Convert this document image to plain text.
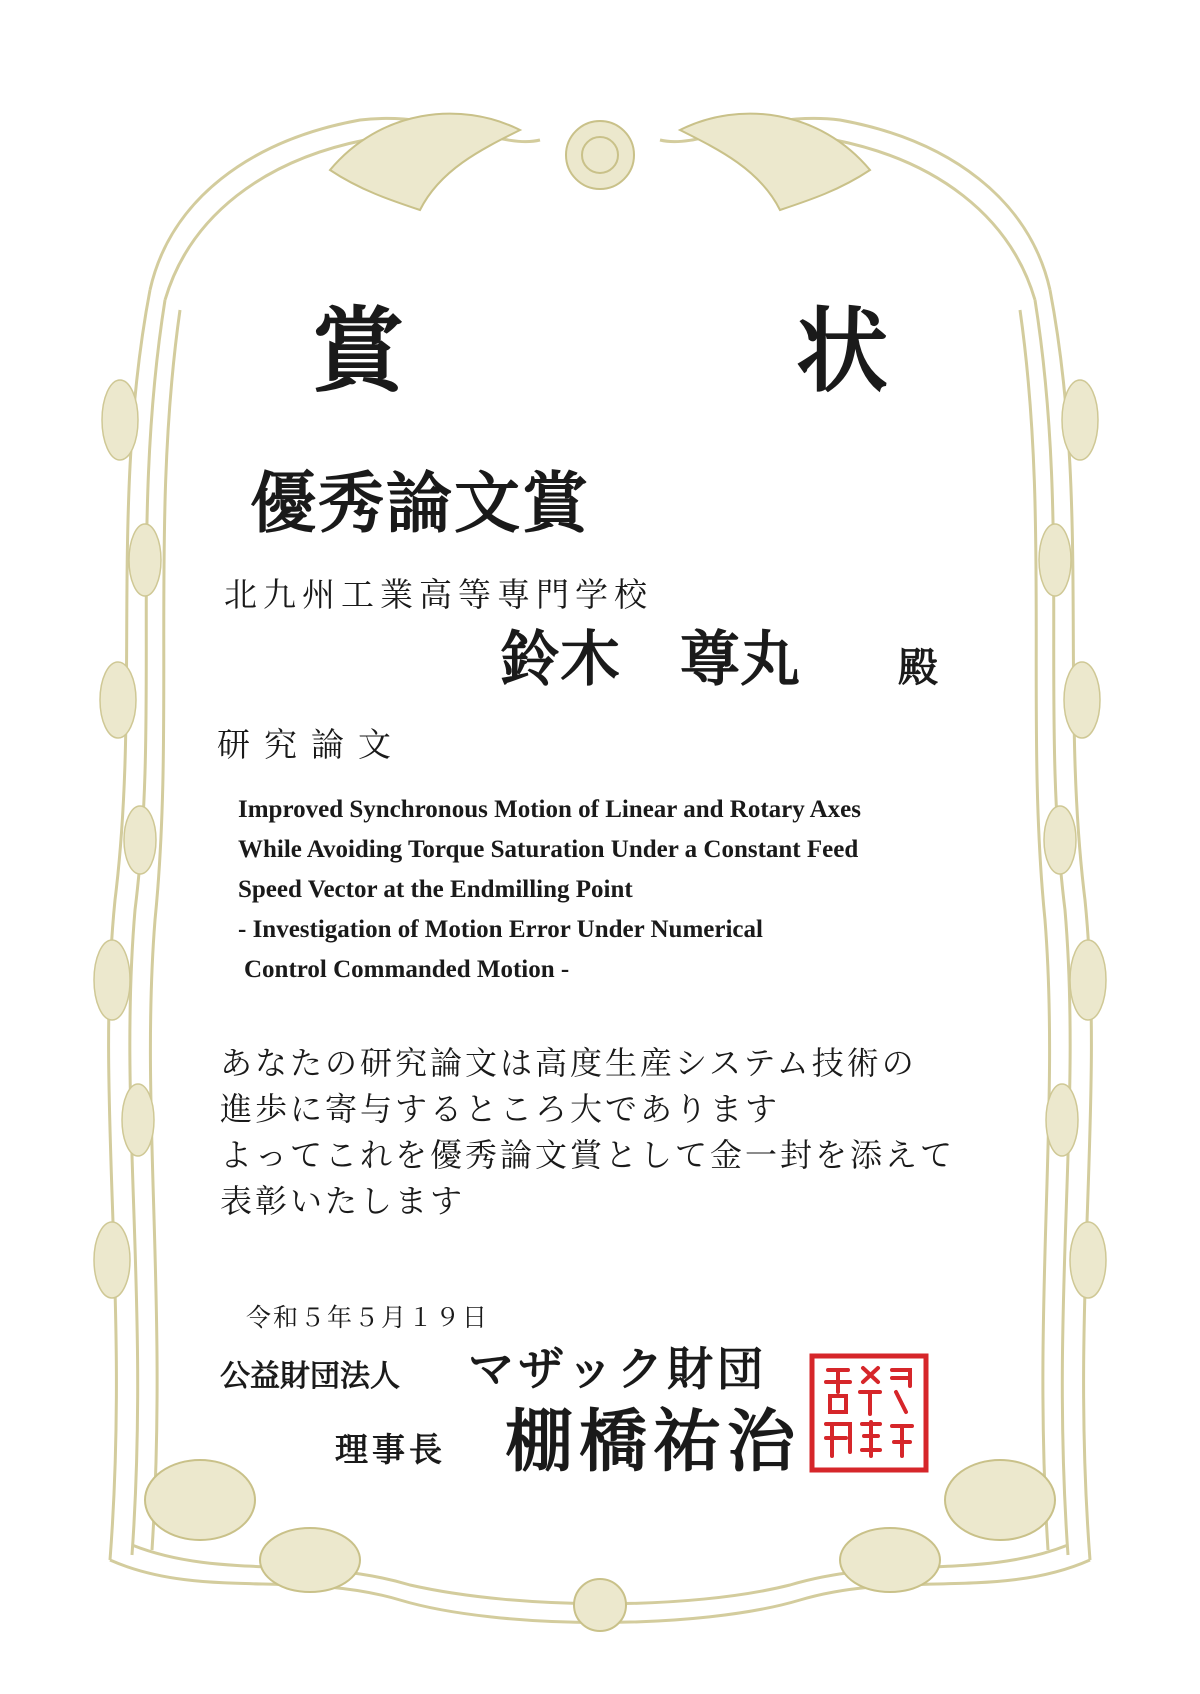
賞　状
優秀論文賞
北九州工業高等専門学校
鈴木　尊丸 殿
研究論文
Improved Synchronous Motion of Linear and Rotary Axes
While Avoiding Torque Saturation Under a Constant Feed
Speed Vector at the Endmilling Point
- Investigation of Motion Error Under Numerical
Control Commanded Motion -
あなたの研究論文は高度生産システム技術の
進歩に寄与するところ大であります
よってこれを優秀論文賞として金一封を添えて
表彰いたします
令和５年５月１９日
公益財団法人 マザック財団
理事長 棚橋祐治
